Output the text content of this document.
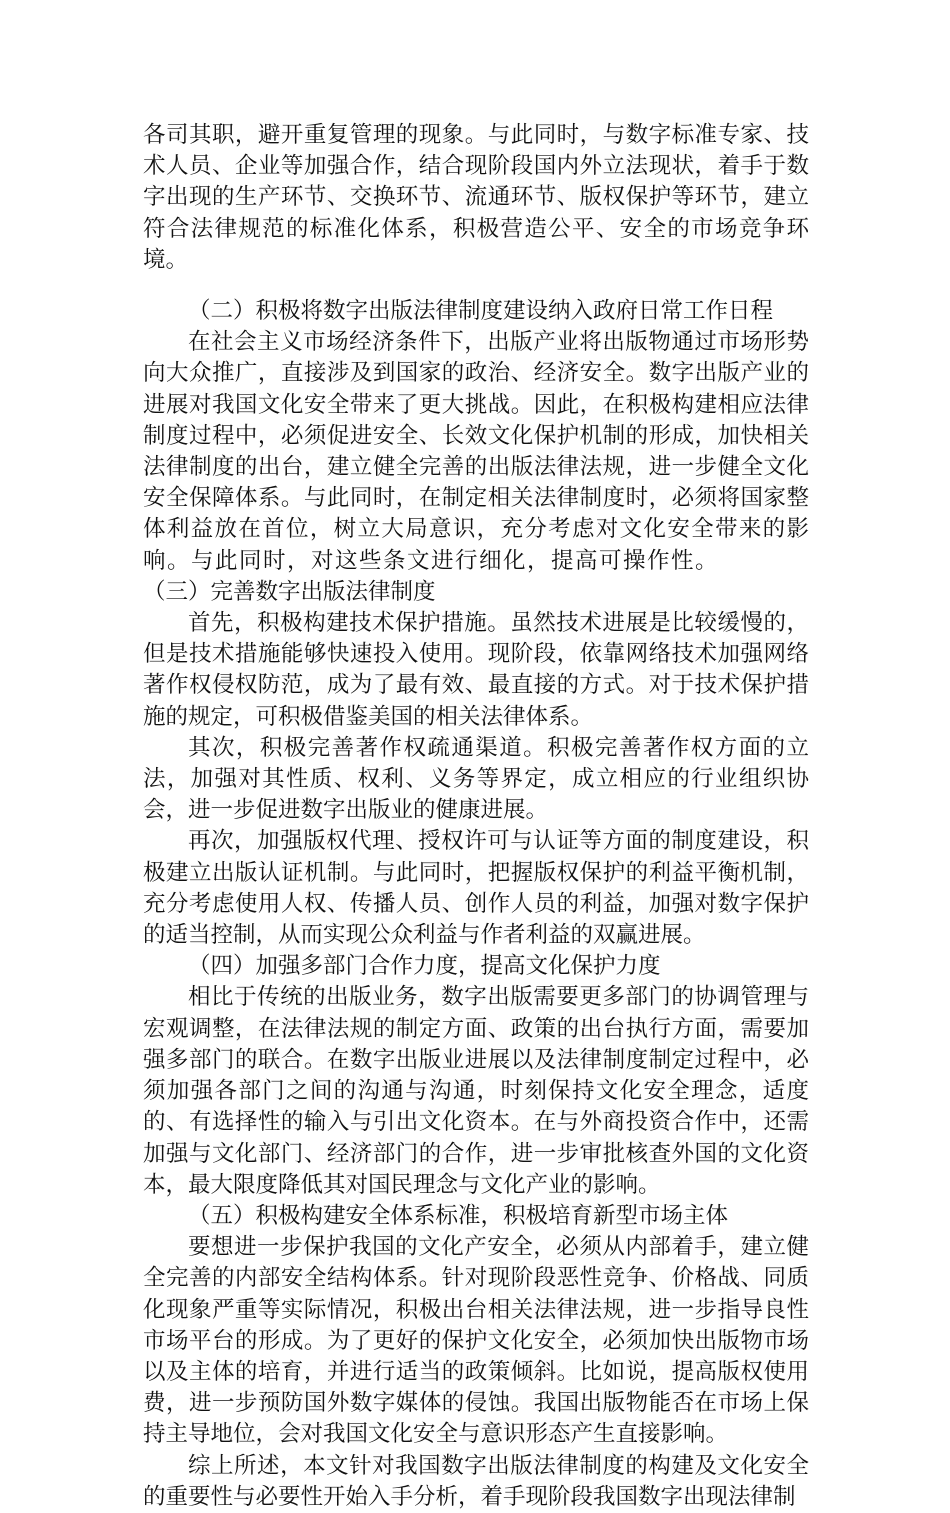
各司其职，避开重复管理的现象。与此同时，与数字标准专家、技术人员、企业等加强合作，结合现阶段国内外立法现状，着手于数字出现的生产环节、交换环节、流通环节、版权保护等环节，建立符合法律规范的标准化体系，积极营造公平、安全的市场竞争环境。

（二）积极将数字出版法律制度建设纳入政府日常工作日程

在社会主义市场经济条件下，出版产业将出版物通过市场形势向大众推广，直接涉及到国家的政治、经济安全。数字出版产业的进展对我国文化安全带来了更大挑战。因此，在积极构建相应法律制度过程中，必须促进安全、长效文化保护机制的形成，加快相关法律制度的出台，建立健全完善的出版法律法规，进一步健全文化安全保障体系。与此同时，在制定相关法律制度时，必须将国家整体利益放在首位，树立大局意识，充分考虑对文化安全带来的影响。与此同时，对这些条文进行细化，提高可操作性。（三）完善数字出版法律制度

首先，积极构建技术保护措施。虽然技术进展是比较缓慢的，但是技术措施能够快速投入使用。现阶段，依靠网络技术加强网络著作权侵权防范，成为了最有效、最直接的方式。对于技术保护措施的规定，可积极借鉴美国的相关法律体系。

其次，积极完善著作权疏通渠道。积极完善著作权方面的立法，加强对其性质、权利、义务等界定，成立相应的行业组织协会，进一步促进数字出版业的健康进展。

再次，加强版权代理、授权许可与认证等方面的制度建设，积极建立出版认证机制。与此同时，把握版权保护的利益平衡机制，充分考虑使用人权、传播人员、创作人员的利益，加强对数字保护的适当控制，从而实现公众利益与作者利益的双赢进展。

（四）加强多部门合作力度，提高文化保护力度

相比于传统的出版业务，数字出版需要更多部门的协调管理与宏观调整，在法律法规的制定方面、政策的出台执行方面，需要加强多部门的联合。在数字出版业进展以及法律制度制定过程中，必须加强各部门之间的沟通与沟通，时刻保持文化安全理念，适度的、有选择性的输入与引出文化资本。在与外商投资合作中，还需加强与文化部门、经济部门的合作，进一步审批核查外国的文化资本，最大限度降低其对国民理念与文化产业的影响。

（五）积极构建安全体系标准，积极培育新型市场主体

要想进一步保护我国的文化产安全，必须从内部着手，建立健全完善的内部安全结构体系。针对现阶段恶性竞争、价格战、同质化现象严重等实际情况，积极出台相关法律法规，进一步指导良性市场平台的形成。为了更好的保护文化安全，必须加快出版物市场以及主体的培育，并进行适当的政策倾斜。比如说，提高版权使用费，进一步预防国外数字媒体的侵蚀。我国出版物能否在市场上保持主导地位，会对我国文化安全与意识形态产生直接影响。

综上所述，本文针对我国数字出版法律制度的构建及文化安全的重要性与必要性开始入手分析，着手现阶段我国数字出现法律制
